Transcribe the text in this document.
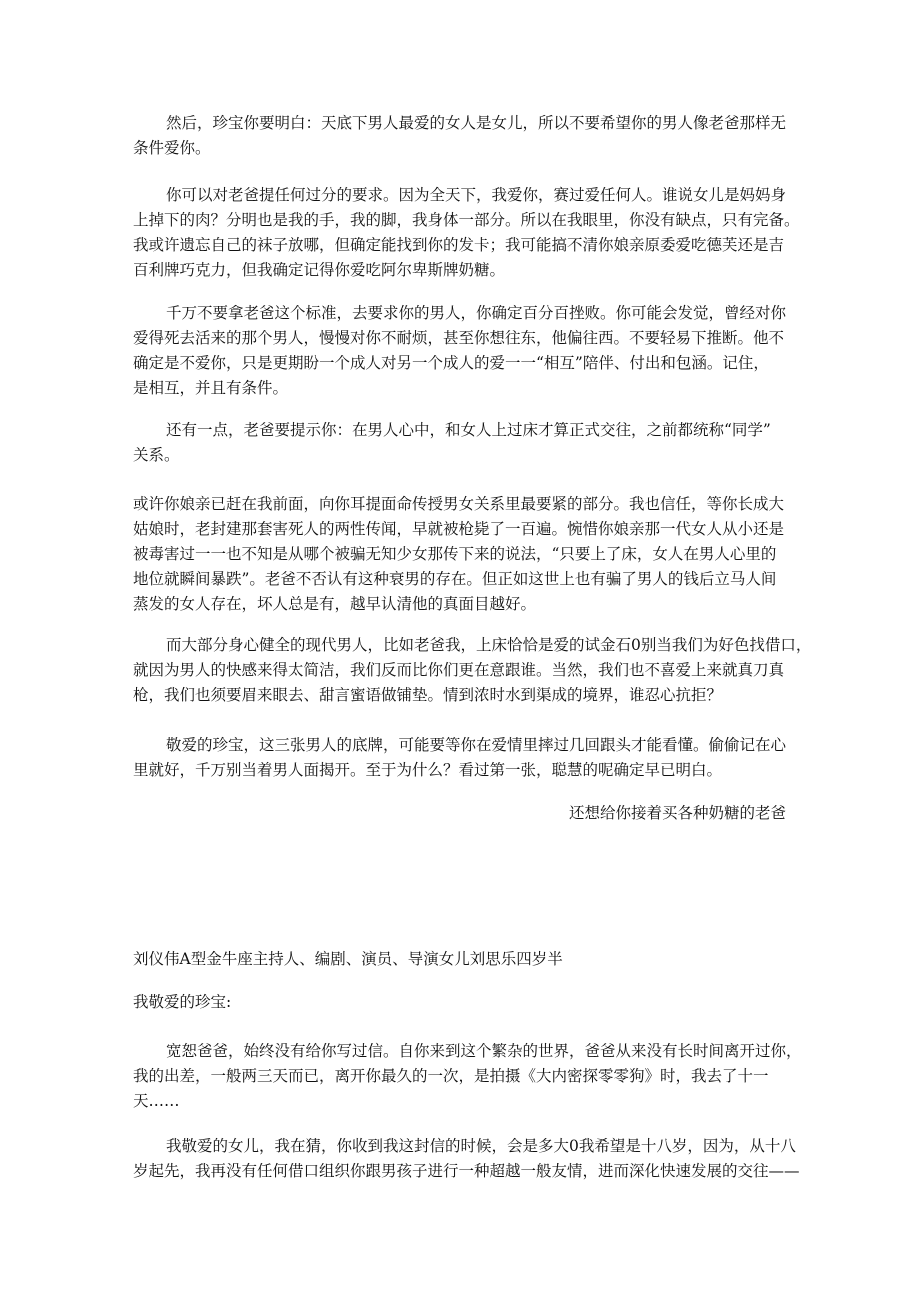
然后，珍宝你要明白：天底下男人最爱的女人是女儿，所以不要希望你的男人像老爸那样无
条件爱你。
你可以对老爸提任何过分的要求。因为全天下，我爱你，赛过爱任何人。谁说女儿是妈妈身
上掉下的肉？分明也是我的手，我的脚，我身体一部分。所以在我眼里，你没有缺点，只有完备。
我或许遗忘自己的袜子放哪，但确定能找到你的发卡；我可能搞不清你娘亲原委爱吃德芙还是吉
百利牌巧克力，但我确定记得你爱吃阿尔卑斯牌奶糖。
千万不要拿老爸这个标准，去要求你的男人，你确定百分百挫败。你可能会发觉，曾经对你
爱得死去活来的那个男人，慢慢对你不耐烦，甚至你想往东，他偏往西。不要轻易下推断。他不
确定是不爱你，只是更期盼一个成人对另一个成人的爱一一“相互”陪伴、付出和包涵。记住，
是相互，并且有条件。
还有一点，老爸要提示你：在男人心中，和女人上过床才算正式交往，之前都统称“同学”
关系。
或许你娘亲已赶在我前面，向你耳提面命传授男女关系里最要紧的部分。我也信任，等你长成大
姑娘时，老封建那套害死人的两性传闻，早就被枪毙了一百遍。惋惜你娘亲那一代女人从小还是
被毒害过一一也不知是从哪个被骗无知少女那传下来的说法，“只要上了床，女人在男人心里的
地位就瞬间暴跌”。老爸不否认有这种衰男的存在。但正如这世上也有骗了男人的钱后立马人间
蒸发的女人存在，坏人总是有，越早认清他的真面目越好。
而大部分身心健全的现代男人，比如老爸我，上床恰恰是爱的试金石0别当我们为好色找借口，
就因为男人的快感来得太简洁，我们反而比你们更在意跟谁。当然，我们也不喜爱上来就真刀真
枪，我们也须要眉来眼去、甜言蜜语做铺垫。情到浓时水到渠成的境界，谁忍心抗拒？
敬爱的珍宝，这三张男人的底牌，可能要等你在爱情里摔过几回跟头才能看懂。偷偷记在心
里就好，千万别当着男人面揭开。至于为什么？看过第一张，聪慧的呢确定早已明白。
还想给你接着买各种奶糖的老爸
刘仪伟A型金牛座主持人、编剧、演员、导演女儿刘思乐四岁半
我敬爱的珍宝:
宽恕爸爸，始终没有给你写过信。自你来到这个繁杂的世界，爸爸从来没有长时间离开过你，
我的出差，一般两三天而已，离开你最久的一次，是拍摄《大内密探零零狗》时，我去了十一
天……
我敬爱的女儿，我在猜，你收到我这封信的时候，会是多大0我希望是十八岁，因为，从十八
岁起先，我再没有任何借口组织你跟男孩子进行一种超越一般友情，进而深化快速发展的交往——
